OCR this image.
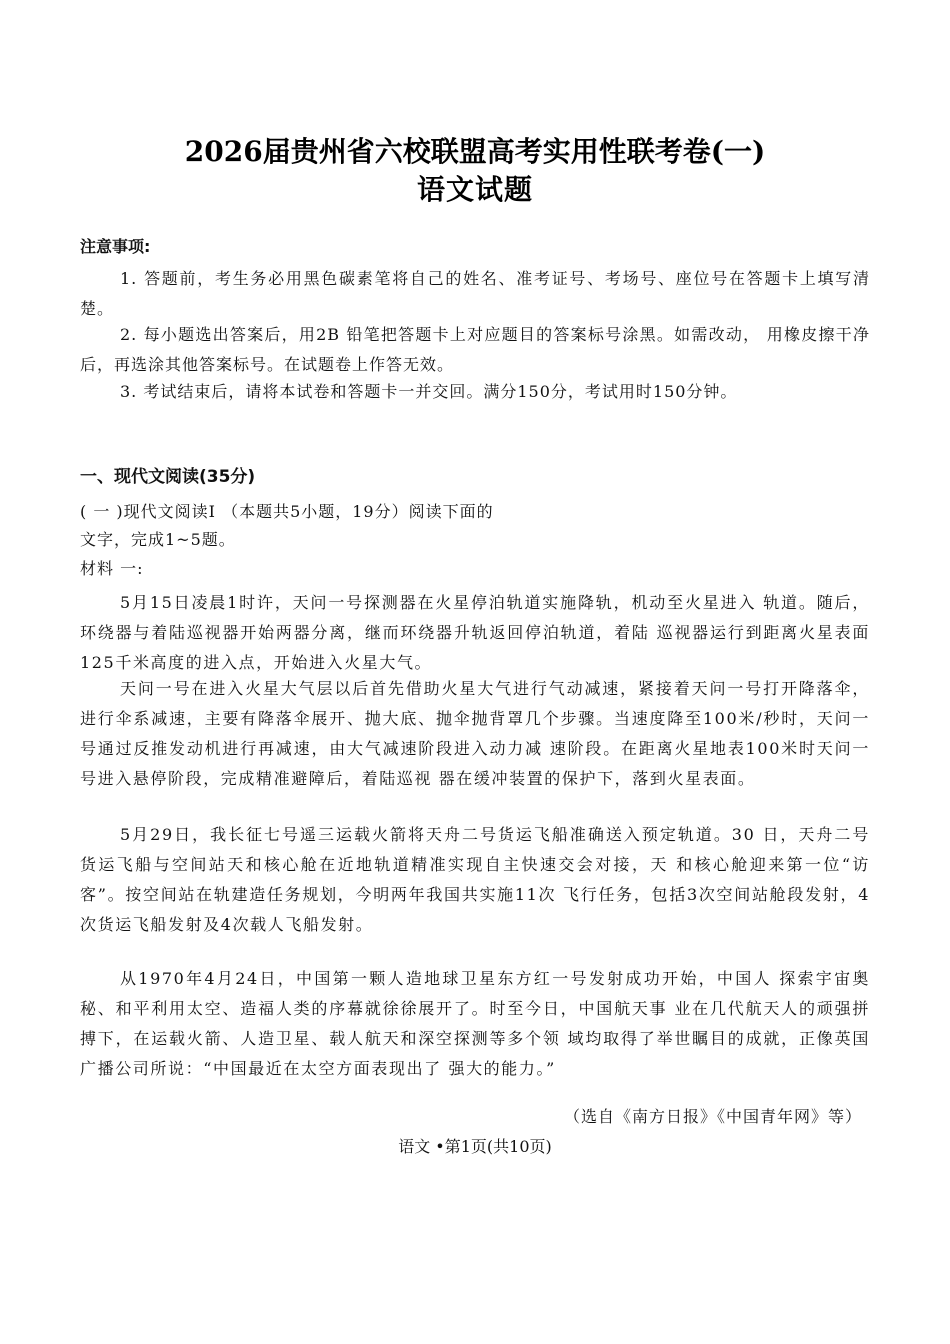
2026届贵州省六校联盟高考实用性联考卷(一)
语文试题
注意事项:
1. 答题前，考生务必用黑色碳素笔将自己的姓名、准考证号、考场号、座位号在答题卡上填写清楚。
2. 每小题选出答案后，用2B 铅笔把答题卡上对应题目的答案标号涂黑。如需改动， 用橡皮擦干净后，再选涂其他答案标号。在试题卷上作答无效。
3. 考试结束后，请将本试卷和答题卡一并交回。满分150分，考试用时150分钟。
一、现代文阅读(35分)
( 一 )现代文阅读Ⅰ （本题共5小题，19分）阅读下面的文字，完成1~5题。
材料 一:
5月15日凌晨1时许，天问一号探测器在火星停泊轨道实施降轨，机动至火星进入 轨道。随后，环绕器与着陆巡视器开始两器分离，继而环绕器升轨返回停泊轨道，着陆 巡视器运行到距离火星表面125千米高度的进入点，开始进入火星大气。
天问一号在进入火星大气层以后首先借助火星大气进行气动减速，紧接着天问一号打开降落伞，进行伞系减速，主要有降落伞展开、抛大底、抛伞抛背罩几个步骤。当速度降至100米/秒时，天问一号通过反推发动机进行再减速，由大气减速阶段进入动力减 速阶段。在距离火星地表100米时天问一号进入悬停阶段，完成精准避障后，着陆巡视 器在缓冲装置的保护下，落到火星表面。
5月29日，我长征七号遥三运载火箭将天舟二号货运飞船准确送入预定轨道。30 日，天舟二号货运飞船与空间站天和核心舱在近地轨道精准实现自主快速交会对接，天 和核心舱迎来第一位“访客”。按空间站在轨建造任务规划，今明两年我国共实施11次 飞行任务，包括3次空间站舱段发射，4次货运飞船发射及4次载人飞船发射。
从1970年4月24日，中国第一颗人造地球卫星东方红一号发射成功开始，中国人 探索宇宙奥秘、和平利用太空、造福人类的序幕就徐徐展开了。时至今日，中国航天事 业在几代航天人的顽强拼搏下，在运载火箭、人造卫星、载人航天和深空探测等多个领 域均取得了举世瞩目的成就，正像英国广播公司所说：“中国最近在太空方面表现出了 强大的能力。”
（选自《南方日报》《中国青年网》等）
语文 •第1页(共10页)
